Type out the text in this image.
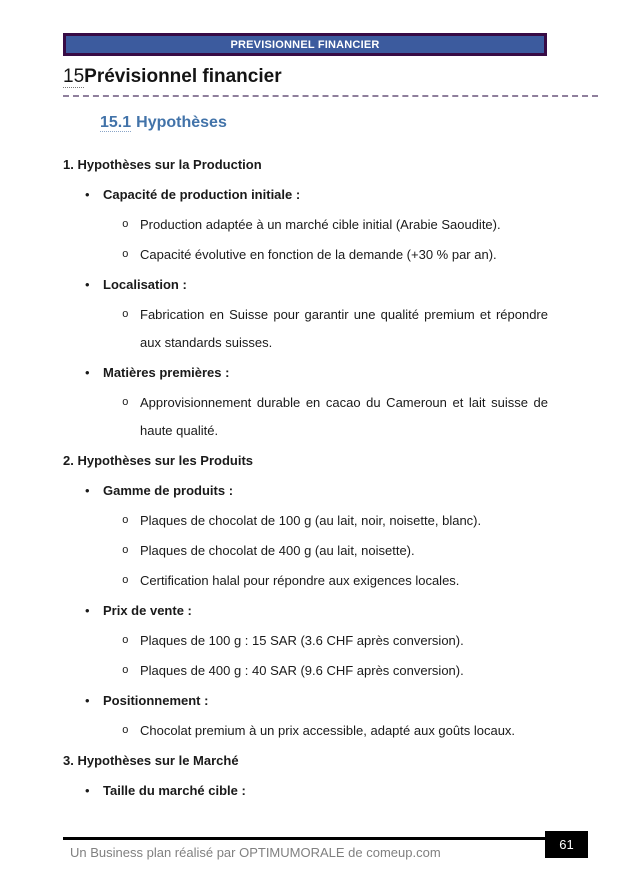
PREVISIONNEL FINANCIER
15Prévisionnel financier
15.1 Hypothèses
1. Hypothèses sur la Production
• Capacité de production initiale :
o Production adaptée à un marché cible initial (Arabie Saoudite).
o Capacité évolutive en fonction de la demande (+30 % par an).
• Localisation :
o Fabrication en Suisse pour garantir une qualité premium et répondre aux standards suisses.
• Matières premières :
o Approvisionnement durable en cacao du Cameroun et lait suisse de haute qualité.
2. Hypothèses sur les Produits
• Gamme de produits :
o Plaques de chocolat de 100 g (au lait, noir, noisette, blanc).
o Plaques de chocolat de 400 g (au lait, noisette).
o Certification halal pour répondre aux exigences locales.
• Prix de vente :
o Plaques de 100 g : 15 SAR (3.6 CHF après conversion).
o Plaques de 400 g : 40 SAR (9.6 CHF après conversion).
• Positionnement :
o Chocolat premium à un prix accessible, adapté aux goûts locaux.
3. Hypothèses sur le Marché
• Taille du marché cible :
Un Business plan réalisé par OPTIMUMORALE de comeup.com
61
